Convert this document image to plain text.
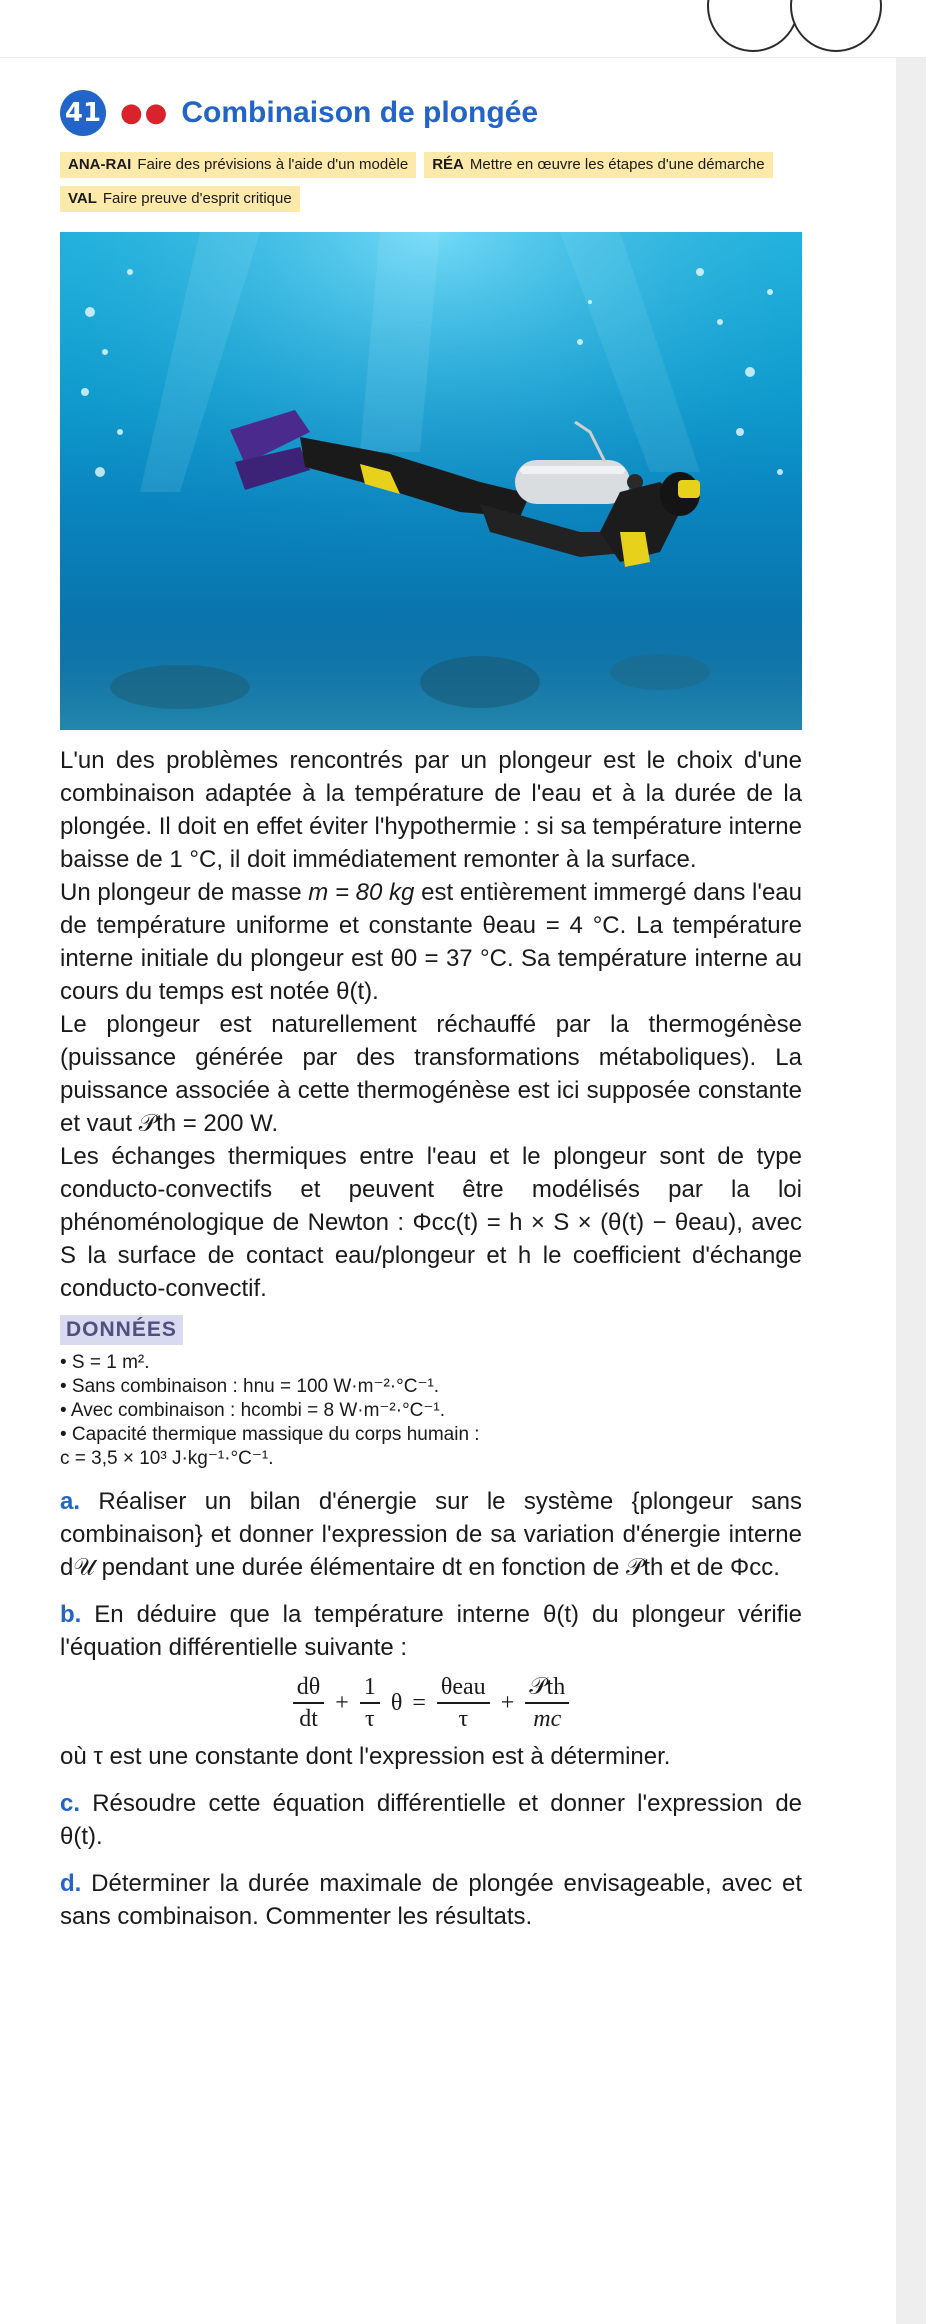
41 ●● Combinaison de plongée
ANA-RAI Faire des prévisions à l'aide d'un modèle RÉA Mettre en œuvre les étapes d'une démarcheVAL Faire preuve d'esprit critique

L'un des problèmes rencontrés par un plongeur est le choix d'une combinaison adaptée à la température de l'eau et à la durée de la plongée. Il doit en effet éviter l'hypothermie : si sa température interne baisse de 1 °C, il doit immédiatement remonter à la surface.

Un plongeur de masse m = 80 kg est entièrement immergé dans l'eau de température uniforme et constante θeau = 4 °C. La température interne initiale du plongeur est θ0 = 37 °C. Sa température interne au cours du temps est notée θ(t).

Le plongeur est naturellement réchauffé par la thermogénèse (puissance générée par des transformations métaboliques). La puissance associée à cette thermogénèse est ici supposée constante et vaut 𝒫th = 200 W.

Les échanges thermiques entre l'eau et le plongeur sont de type conducto-convectifs et peuvent être modélisés par la loi phénoménologique de Newton : Φcc(t) = h × S × (θ(t) − θeau), avec S la surface de contact eau/plongeur et h le coefficient d'échange conducto-convectif.

DONNÉES
• S = 1 m².
• Sans combinaison : hnu = 100 W·m⁻²·°C⁻¹.
• Avec combinaison : hcombi = 8 W·m⁻²·°C⁻¹.
• Capacité thermique massique du corps humain :
c = 3,5 × 10³ J·kg⁻¹·°C⁻¹.

a. Réaliser un bilan d'énergie sur le système {plongeur sans combinaison} et donner l'expression de sa variation d'énergie interne d𝒰 pendant une durée élémentaire dt en fonction de 𝒫th et de Φcc.

b. En déduire que la température interne θ(t) du plongeur vérifie l'équation différentielle suivante :

$\frac{d\theta}{dt} + \frac{1}{\tau}$ $\theta = \frac{\text{θeau}}{\tau} + \frac{\text{𝒫th}}{mc}$

où τ est une constante dont l'expression est à déterminer.

c. Résoudre cette équation différentielle et donner l'expression de θ(t).

d. Déterminer la durée maximale de plongée envisageable, avec et sans combinaison. Commenter les résultats.
